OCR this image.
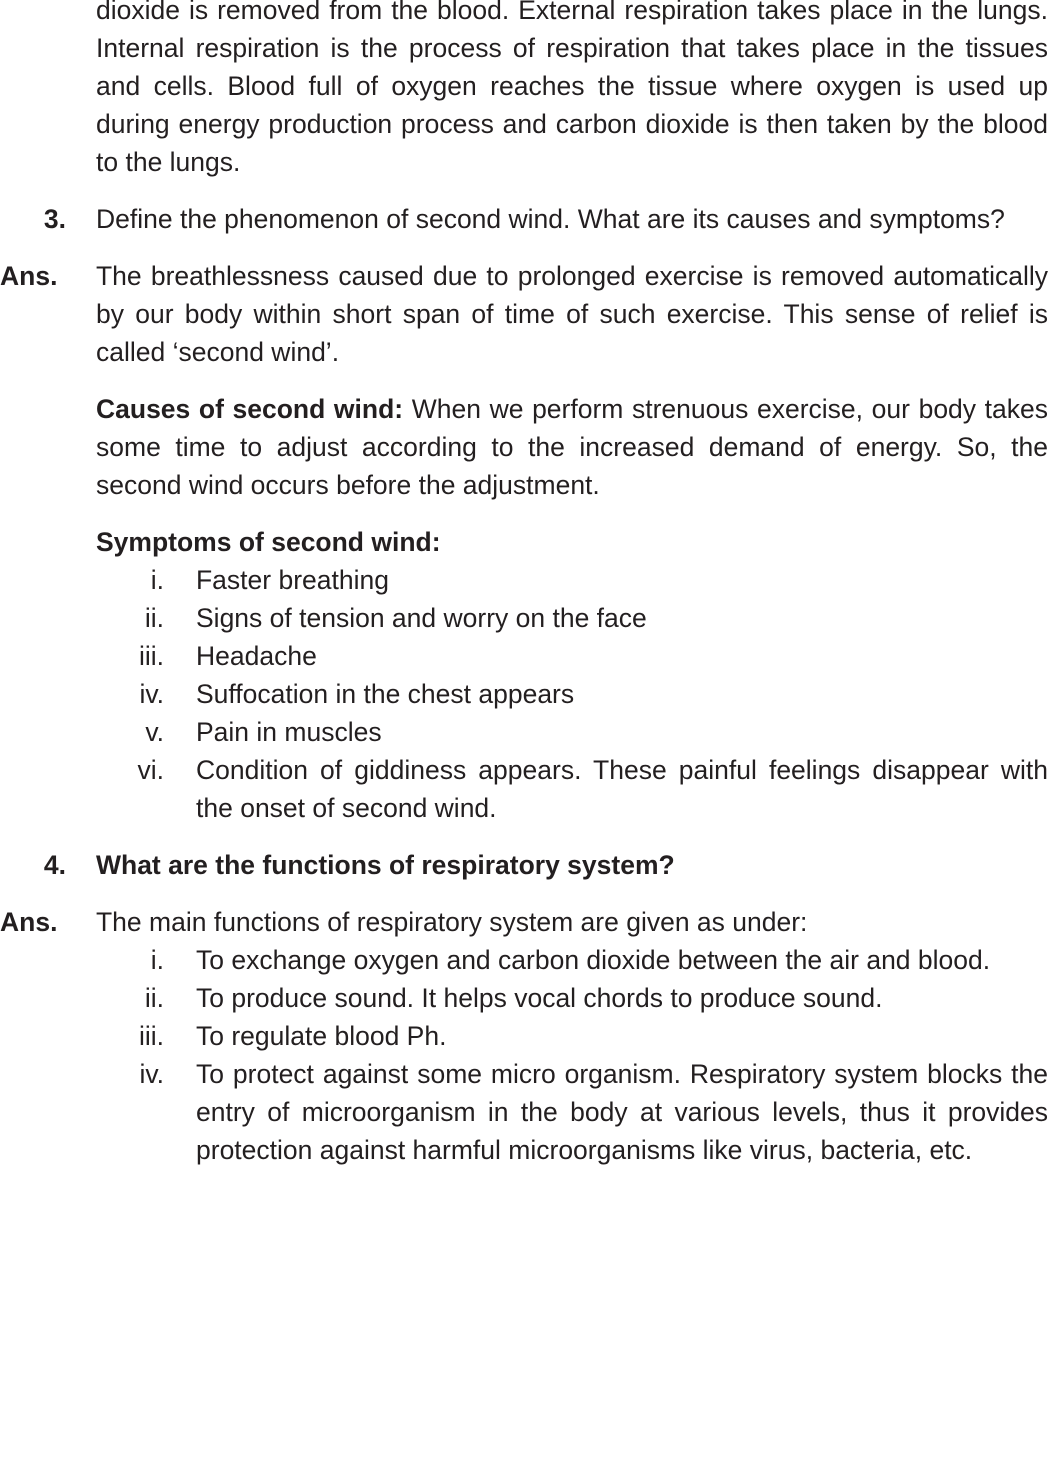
dioxide is removed from the blood. External respiration takes place in the lungs. Internal respiration is the process of respiration that takes place in the tissues and cells. Blood full of oxygen reaches the tissue where oxygen is used up during energy production process and carbon dioxide is then taken by the blood to the lungs.

3. Define the phenomenon of second wind. What are its causes and symptoms?

Ans. The breathlessness caused due to prolonged exercise is removed automatically by our body within short span of time of such exercise. This sense of relief is called ‘second wind’.

Causes of second wind: When we perform strenuous exercise, our body takes some time to adjust according to the increased demand of energy. So, the second wind occurs before the adjustment.

Symptoms of second wind:

i. Faster breathing

ii. Signs of tension and worry on the face

iii. Headache

iv. Suffocation in the chest appears

v. Pain in muscles

vi. Condition of giddiness appears. These painful feelings disappear with the onset of second wind.

4. What are the functions of respiratory system?

Ans. The main functions of respiratory system are given as under:

i. To exchange oxygen and carbon dioxide between the air and blood.

ii. To produce sound. It helps vocal chords to produce sound.

iii. To regulate blood Ph.

iv. To protect against some micro organism. Respiratory system blocks the entry of microorganism in the body at various levels, thus it provides protection against harmful microorganisms like virus, bacteria, etc.
